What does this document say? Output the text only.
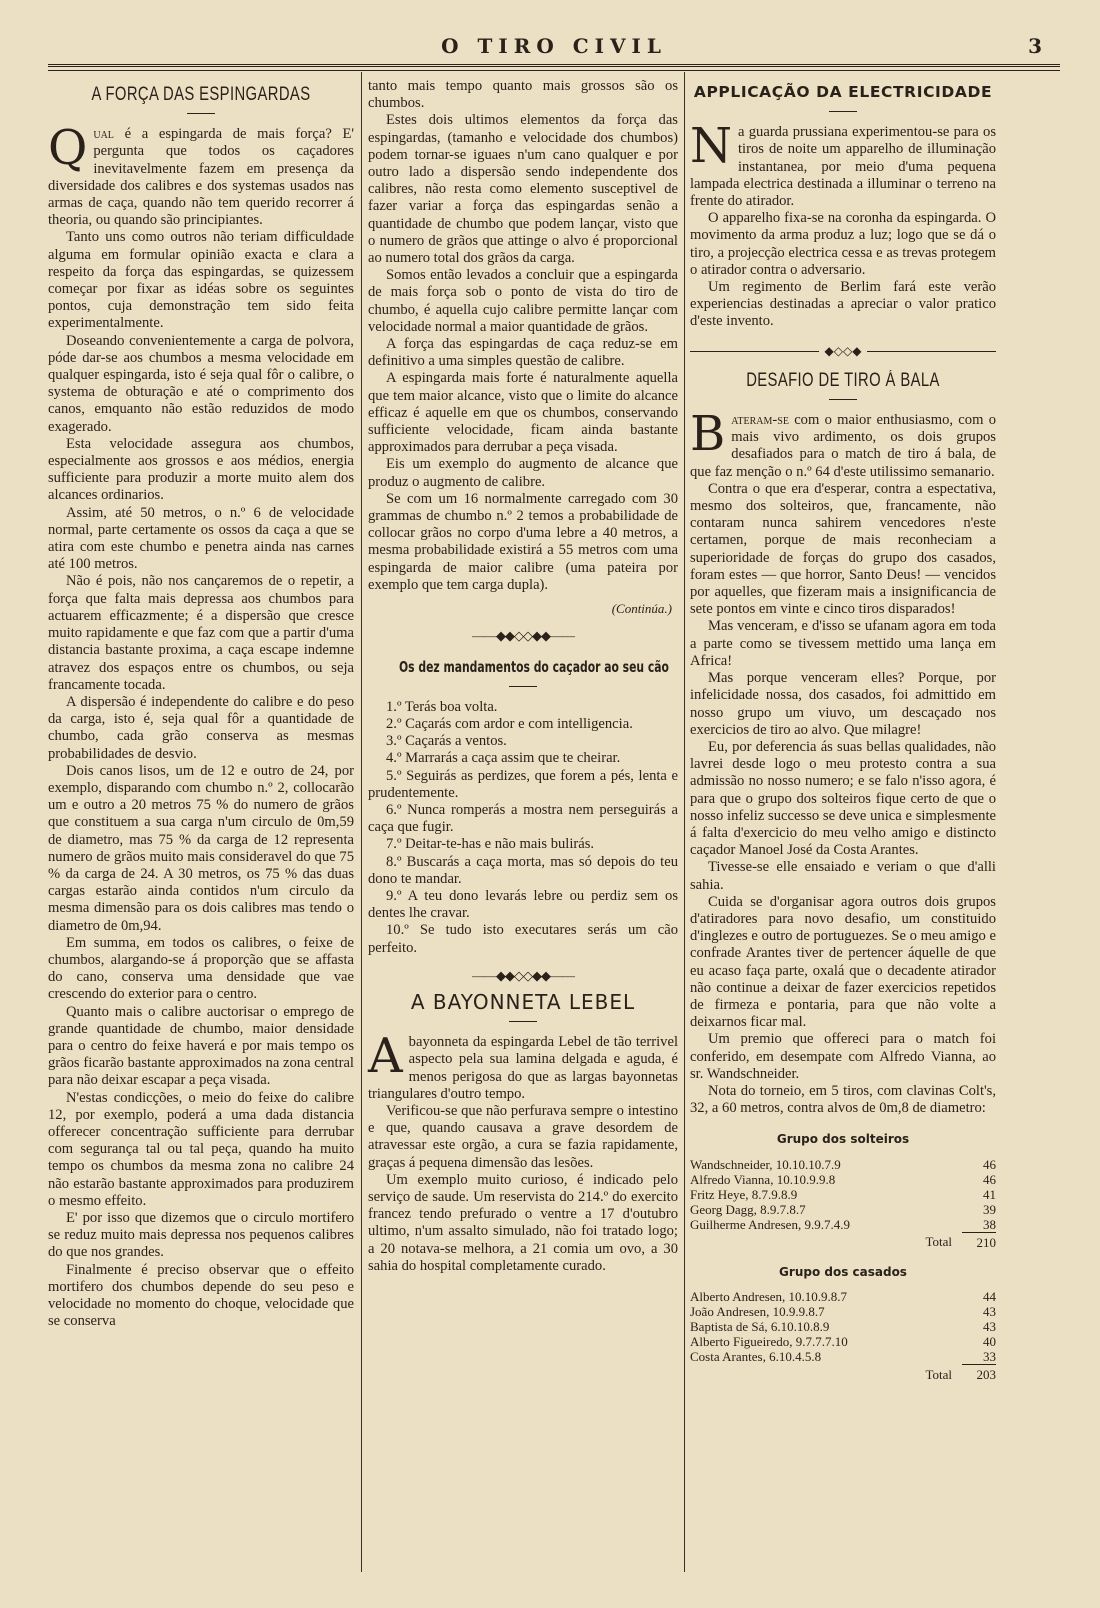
O TIRO CIVIL	3
A FORÇA DAS ESPINGARDAS

Qual é a espingarda de mais força? E' pergunta que todos os caçadores inevitavelmente fazem em presença da diversidade dos calibres e dos systemas usados nas armas de caça, quando não tem querido recorrer á theoria, ou quando são principiantes.

Tanto uns como outros não teriam difficuldade alguma em formular opinião exacta e clara a respeito da força das espingardas, se quizessem começar por fixar as idéas sobre os seguintes pontos, cuja demonstração tem sido feita experimentalmente.

Doseando convenientemente a carga de polvora, póde dar-se aos chumbos a mesma velocidade em qualquer espingarda, isto é seja qual fôr o calibre, o systema de obturação e até o comprimento dos canos, emquanto não estão reduzidos de modo exagerado.

Esta velocidade assegura aos chumbos, especialmente aos grossos e aos médios, energia sufficiente para produzir a morte muito alem dos alcances ordinarios.

Assim, até 50 metros, o n.º 6 de velocidade normal, parte certamente os ossos da caça a que se atira com este chumbo e penetra ainda nas carnes até 100 metros.

Não é pois, não nos cançaremos de o repetir, a força que falta mais depressa aos chumbos para actuarem efficazmente; é a dispersão que cresce muito rapidamente e que faz com que a partir d'uma distancia bastante proxima, a caça escape indemne atravez dos espaços entre os chumbos, ou seja francamente tocada.

A dispersão é independente do calibre e do peso da carga, isto é, seja qual fôr a quantidade de chumbo, cada grão conserva as mesmas probabilidades de desvio.

Dois canos lisos, um de 12 e outro de 24, por exemplo, disparando com chumbo n.º 2, collocarão um e outro a 20 metros 75 % do numero de grãos que constituem a sua carga n'um circulo de 0m,59 de diametro, mas 75 % da carga de 12 representa numero de grãos muito mais consideravel do que 75 % da carga de 24. A 30 metros, os 75 % das duas cargas estarão ainda contidos n'um circulo da mesma dimensão para os dois calibres mas tendo o diametro de 0m,94.

Em summa, em todos os calibres, o feixe de chumbos, alargando-se á proporção que se affasta do cano, conserva uma densidade que vae crescendo do exterior para o centro.

Quanto mais o calibre auctorisar o emprego de grande quantidade de chumbo, maior densidade para o centro do feixe haverá e por mais tempo os grãos ficarão bastante approximados na zona central para não deixar escapar a peça visada.

N'estas condicções, o meio do feixe do calibre 12, por exemplo, poderá a uma dada distancia offerecer concentração sufficiente para derrubar com segurança tal ou tal peça, quando ha muito tempo os chumbos da mesma zona no calibre 24 não estarão bastante approximados para produzirem o mesmo effeito.

E' por isso que dizemos que o circulo mortifero se reduz muito mais depressa nos pequenos calibres do que nos grandes.

Finalmente é preciso observar que o effeito mortifero dos chumbos depende do seu peso e velocidade no momento do choque, velocidade que se conserva

tanto mais tempo quanto mais grossos são os chumbos.

Estes dois ultimos elementos da força das espingardas, (tamanho e velocidade dos chumbos) podem tornar-se iguaes n'um cano qualquer e por outro lado a dispersão sendo independente dos calibres, não resta como elemento susceptivel de fazer variar a força das espingardas senão a quantidade de chumbo que podem lançar, visto que o numero de grãos que attinge o alvo é proporcional ao numero total dos grãos da carga.

Somos então levados a concluir que a espingarda de mais força sob o ponto de vista do tiro de chumbo, é aquella cujo calibre permitte lançar com velocidade normal a maior quantidade de grãos.

A força das espingardas de caça reduz-se em definitivo a uma simples questão de calibre.

A espingarda mais forte é naturalmente aquella que tem maior alcance, visto que o limite do alcance efficaz é aquelle em que os chumbos, conservando sufficiente velocidade, ficam ainda bastante approximados para derrubar a peça visada.

Eis um exemplo do augmento de alcance que produz o augmento de calibre.

Se com um 16 normalmente carregado com 30 grammas de chumbo n.º 2 temos a probabilidade de collocar grãos no corpo d'uma lebre a 40 metros, a mesma probabilidade existirá a 55 metros com uma espingarda de maior calibre (uma pateira por exemplo que tem carga dupla).

(Continúa.)
——◆◆◇◇◆◆——
Os dez mandamentos do caçador ao seu cão

1.º Terás boa volta.

2.º Caçarás com ardor e com intelligencia.

3.º Caçarás a ventos.

4.º Marrarás a caça assim que te cheirar.

5.º Seguirás as perdizes, que forem a pés, lenta e prudentemente.

6.º Nunca romperás a mostra nem perseguirás a caça que fugir.

7.º Deitar-te-has e não mais bulirás.

8.º Buscarás a caça morta, mas só depois do teu dono te mandar.

9.º A teu dono levarás lebre ou perdiz sem os dentes lhe cravar.

10.º Se tudo isto executares serás um cão perfeito.

——◆◆◇◇◆◆——
A BAYONNETA LEBEL

Abayonneta da espingarda Lebel de tão terrivel aspecto pela sua lamina delgada e aguda, é menos perigosa do que as largas bayonnetas triangulares d'outro tempo.

Verificou-se que não perfurava sempre o intestino e que, quando causava a grave desordem de atravessar este orgão, a cura se fazia rapidamente, graças á pequena dimensão das lesões.

Um exemplo muito curioso, é indicado pelo serviço de saude. Um reservista do 214.º do exercito francez tendo prefurado o ventre a 17 d'outubro ultimo, n'um assalto simulado, não foi tratado logo; a 20 notava-se melhora, a 21 comia um ovo, a 30 sahia do hospital completamente curado.

APPLICAÇÃO DA ELECTRICIDADE

Na guarda prussiana experimentou-se para os tiros de noite um apparelho de illuminação instantanea, por meio d'uma pequena lampada electrica destinada a illuminar o terreno na frente do atirador.

O apparelho fixa-se na coronha da espingarda. O movimento da arma produz a luz; logo que se dá o tiro, a projecção electrica cessa e as trevas protegem o atirador contra o adversario.

Um regimento de Berlim fará este verão experiencias destinadas a apreciar o valor pratico d'este invento.

◆◇◇◆
DESAFIO DE TIRO Á BALA

Bateram-se com o maior enthusiasmo, com o mais vivo ardimento, os dois grupos desafiados para o match de tiro á bala, de que faz menção o n.º 64 d'este utilissimo semanario.

Contra o que era d'esperar, contra a espectativa, mesmo dos solteiros, que, francamente, não contaram nunca sahirem vencedores n'este certamen, porque de mais reconheciam a superioridade de forças do grupo dos casados, foram estes — que horror, Santo Deus! — vencidos por aquelles, que fizeram mais a insignificancia de sete pontos em vinte e cinco tiros disparados!

Mas venceram, e d'isso se ufanam agora em toda a parte como se tivessem mettido uma lança em Africa!

Mas porque venceram elles? Porque, por infelicidade nossa, dos casados, foi admittido em nosso grupo um viuvo, um descaçado nos exercicios de tiro ao alvo. Que milagre!

Eu, por deferencia ás suas bellas qualidades, não lavrei desde logo o meu protesto contra a sua admissão no nosso numero; e se falo n'isso agora, é para que o grupo dos solteiros fique certo de que o nosso infeliz successo se deve unica e simplesmente á falta d'exercicio do meu velho amigo e distincto caçador Manoel José da Costa Arantes.

Tivesse-se elle ensaiado e veriam o que d'alli sahia.

Cuida se d'organisar agora outros dois grupos d'atiradores para novo desafio, um constituido d'inglezes e outro de portuguezes. Se o meu amigo e confrade Arantes tiver de pertencer áquelle de que eu acaso faça parte, oxalá que o decadente atirador não continue a deixar de fazer exercicios repetidos de firmeza e pontaria, para que não volte a deixarnos ficar mal.

Um premio que offereci para o match foi conferido, em desempate com Alfredo Vianna, ao sr. Wandschneider.

Nota do torneio, em 5 tiros, com clavinas Colt's, 32, a 60 metros, contra alvos de 0m,8 de diametro:

Grupo dos solteiros
Wandschneider, 10.10.10.7.9	46
Alfredo Vianna, 10.10.9.9.8	46
Fritz Heye, 8.7.9.8.9	41
Georg Dagg, 8.9.7.8.7	39
Guilherme Andresen, 9.9.7.4.9	38
Total	210
Grupo dos casados
Alberto Andresen, 10.10.9.8.7	44
João Andresen, 10.9.9.8.7	43
Baptista de Sá, 6.10.10.8.9	43
Alberto Figueiredo, 9.7.7.7.10	40
Costa Arantes, 6.10.4.5.8	33
Total	203
